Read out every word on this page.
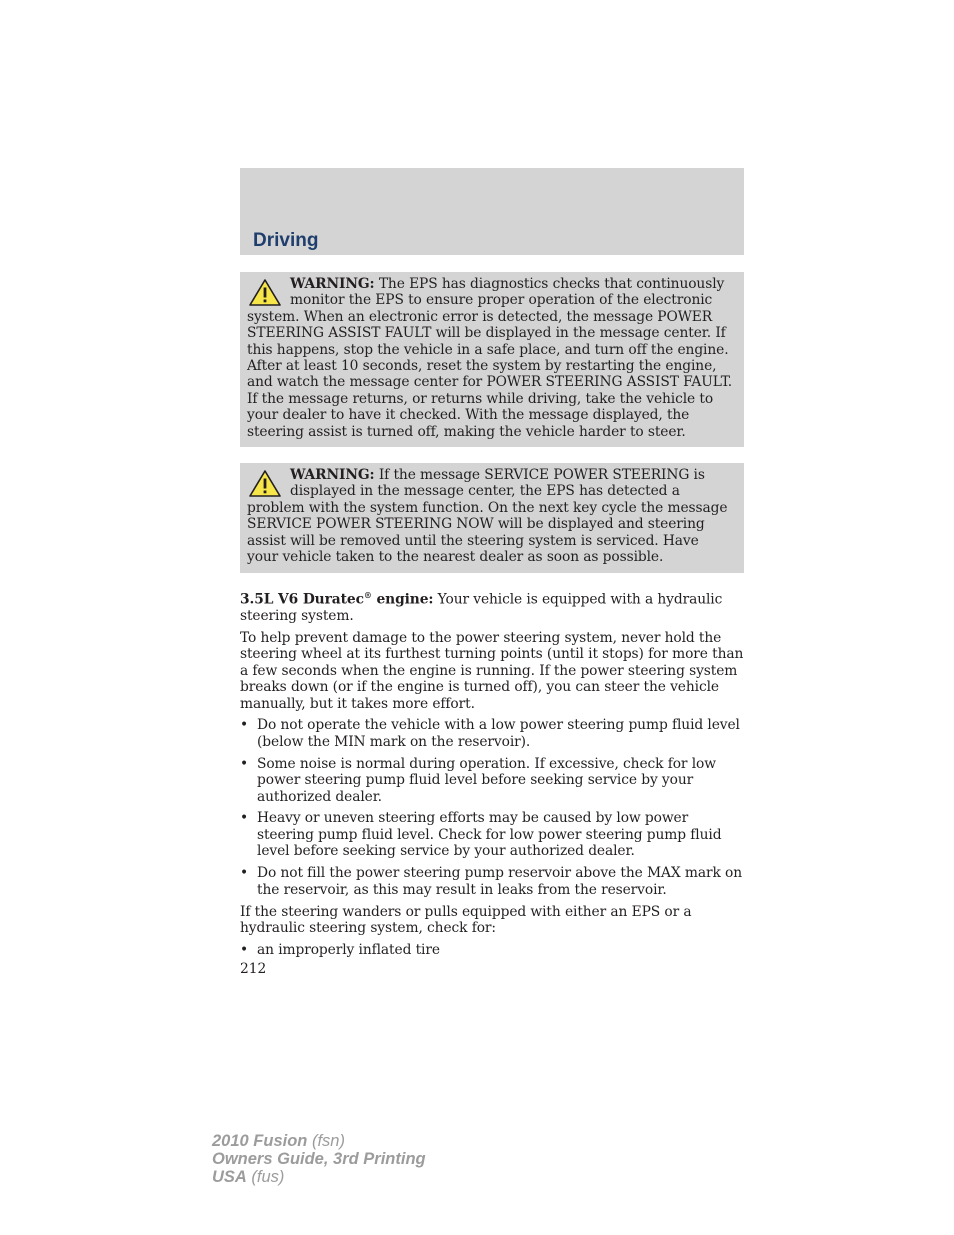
Driving
WARNING: The EPS has diagnostics checks that continuously monitor the EPS to ensure proper operation of the electronic system. When an electronic error is detected, the message POWER STEERING ASSIST FAULT will be displayed in the message center. If this happens, stop the vehicle in a safe place, and turn off the engine. After at least 10 seconds, reset the system by restarting the engine, and watch the message center for POWER STEERING ASSIST FAULT. If the message returns, or returns while driving, take the vehicle to your dealer to have it checked. With the message displayed, the steering assist is turned off, making the vehicle harder to steer.
WARNING: If the message SERVICE POWER STEERING is displayed in the message center, the EPS has detected a problem with the system function. On the next key cycle the message SERVICE POWER STEERING NOW will be displayed and steering assist will be removed until the steering system is serviced. Have your vehicle taken to the nearest dealer as soon as possible.

3.5L V6 Duratec® engine: Your vehicle is equipped with a hydraulic steering system.

To help prevent damage to the power steering system, never hold the steering wheel at its furthest turning points (until it stops) for more than a few seconds when the engine is running. If the power steering system breaks down (or if the engine is turned off), you can steer the vehicle manually, but it takes more effort.

• Do not operate the vehicle with a low power steering pump fluid level (below the MIN mark on the reservoir).
• Some noise is normal during operation. If excessive, check for low power steering pump fluid level before seeking service by your authorized dealer.
• Heavy or uneven steering efforts may be caused by low power steering pump fluid level. Check for low power steering pump fluid level before seeking service by your authorized dealer.
• Do not fill the power steering pump reservoir above the MAX mark on the reservoir, as this may result in leaks from the reservoir.

If the steering wanders or pulls equipped with either an EPS or a hydraulic steering system, check for:

• an improperly inflated tire
212
2010 Fusion (fsn)
Owners Guide, 3rd Printing
USA (fus)
